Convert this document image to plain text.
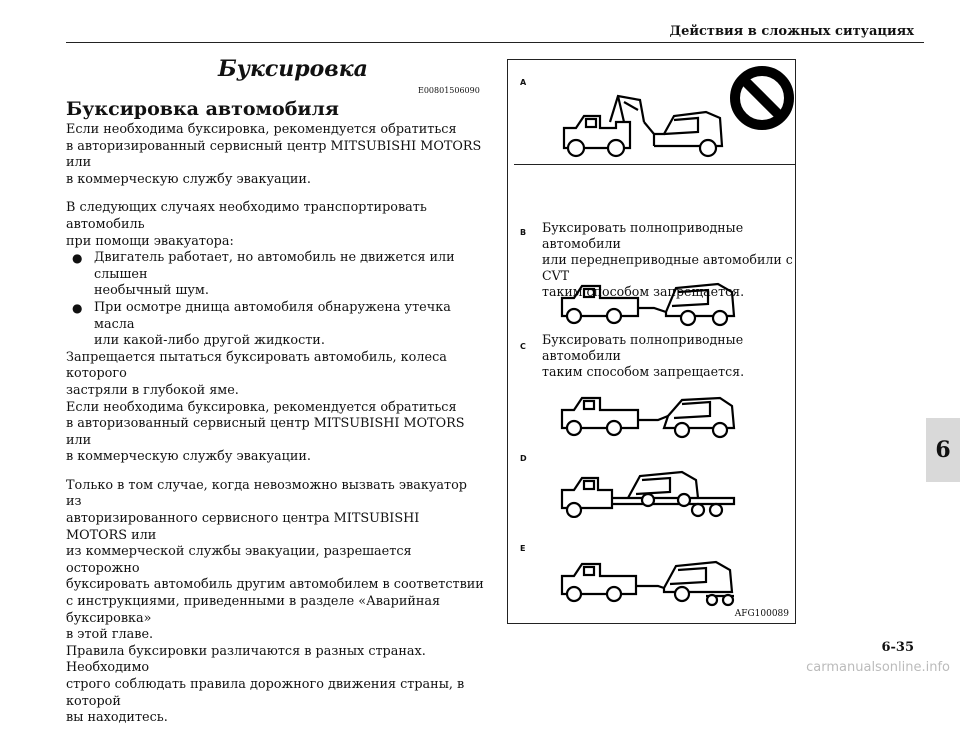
Действия в сложных ситуациях
6
6-35
carmanualsonline.info
Буксировка
E00801506090
Буксировка автомобиля

Если необходима буксировка, рекомендуется обратиться
в авторизированный сервисный центр MITSUBISHI MOTORS или
в коммерческую службу эвакуации.

В следующих случаях необходимо транспортировать автомобиль
при помощи эвакуатора:
● Двигатель работает, но автомобиль не движется или слышен
необычный шум.
● При осмотре днища автомобиля обнаружена утечка масла
или какой-либо другой жидкости.
Запрещается пытаться буксировать автомобиль, колеса которого
застряли в глубокой яме.
Если необходима буксировка, рекомендуется обратиться
в авторизованный сервисный центр MITSUBISHI MOTORS или
в коммерческую службу эвакуации.

Только в том случае, когда невозможно вызвать эвакуатор из
авторизированного сервисного центра MITSUBISHI MOTORS или
из коммерческой службы эвакуации, разрешается осторожно
буксировать автомобиль другим автомобилем в соответствии
с инструкциями, приведенными в разделе «Аварийная буксировка»
в этой главе.
Правила буксировки различаются в разных странах. Необходимо
строго соблюдать правила дорожного движения страны, в которой
вы находитесь.

A
B
C
D
E
Буксировать полноприводные автомобили
или переднеприводные автомобили с CVT
таким способом запрещается.
Буксировать полноприводные автомобили
таким способом запрещается.
AFG100089
